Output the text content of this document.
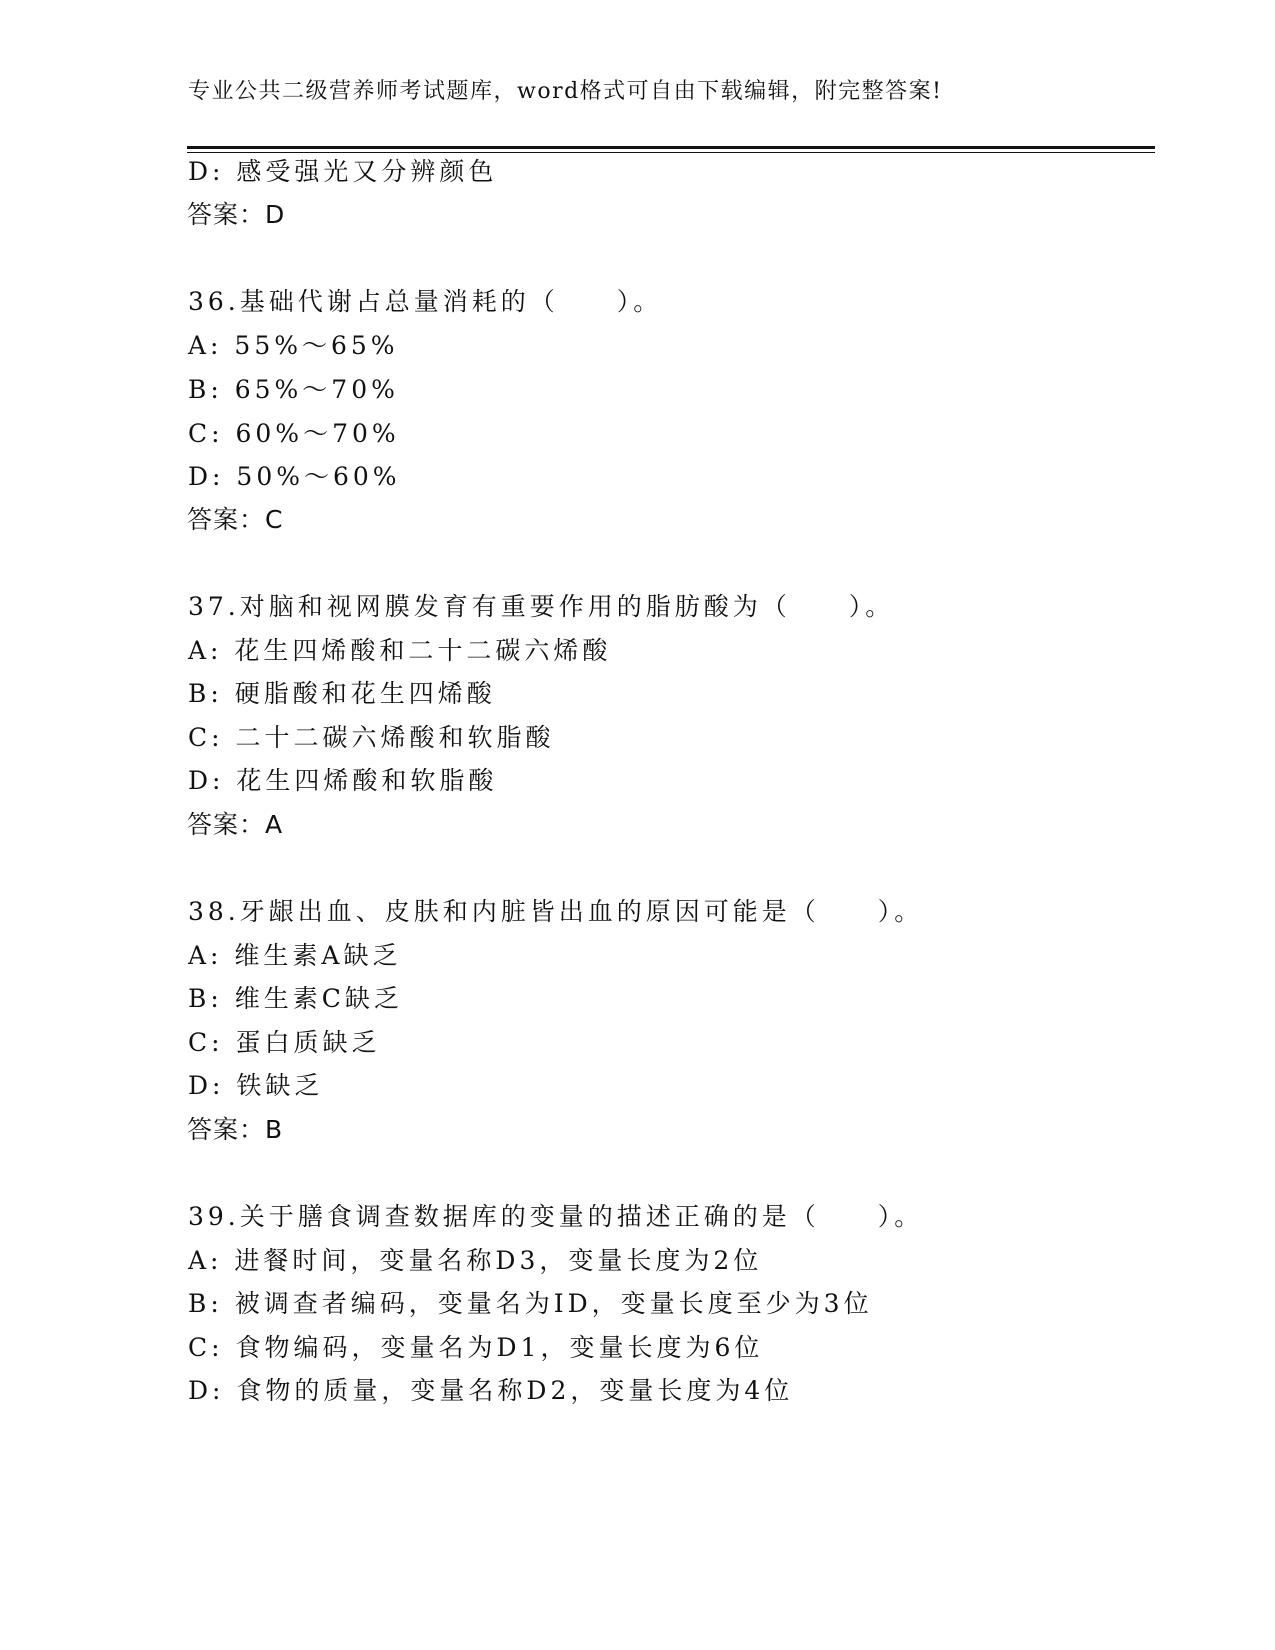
专业公共二级营养师考试题库，word格式可自由下载编辑，附完整答案!
D: 感受强光又分辨颜色
答案：D
36.基础代谢占总量消耗的（　　）。
A: 55%～65%
B: 65%～70%
C: 60%～70%
D: 50%～60%
答案：C
37.对脑和视网膜发育有重要作用的脂肪酸为（　　）。
A: 花生四烯酸和二十二碳六烯酸
B: 硬脂酸和花生四烯酸
C: 二十二碳六烯酸和软脂酸
D: 花生四烯酸和软脂酸
答案：A
38.牙龈出血、皮肤和内脏皆出血的原因可能是（　　）。
A: 维生素A缺乏
B: 维生素C缺乏
C: 蛋白质缺乏
D: 铁缺乏
答案：B
39.关于膳食调查数据库的变量的描述正确的是（　　）。
A: 进餐时间，变量名称D3，变量长度为2位
B: 被调查者编码，变量名为ID，变量长度至少为3位
C: 食物编码，变量名为D1，变量长度为6位
D: 食物的质量，变量名称D2，变量长度为4位
